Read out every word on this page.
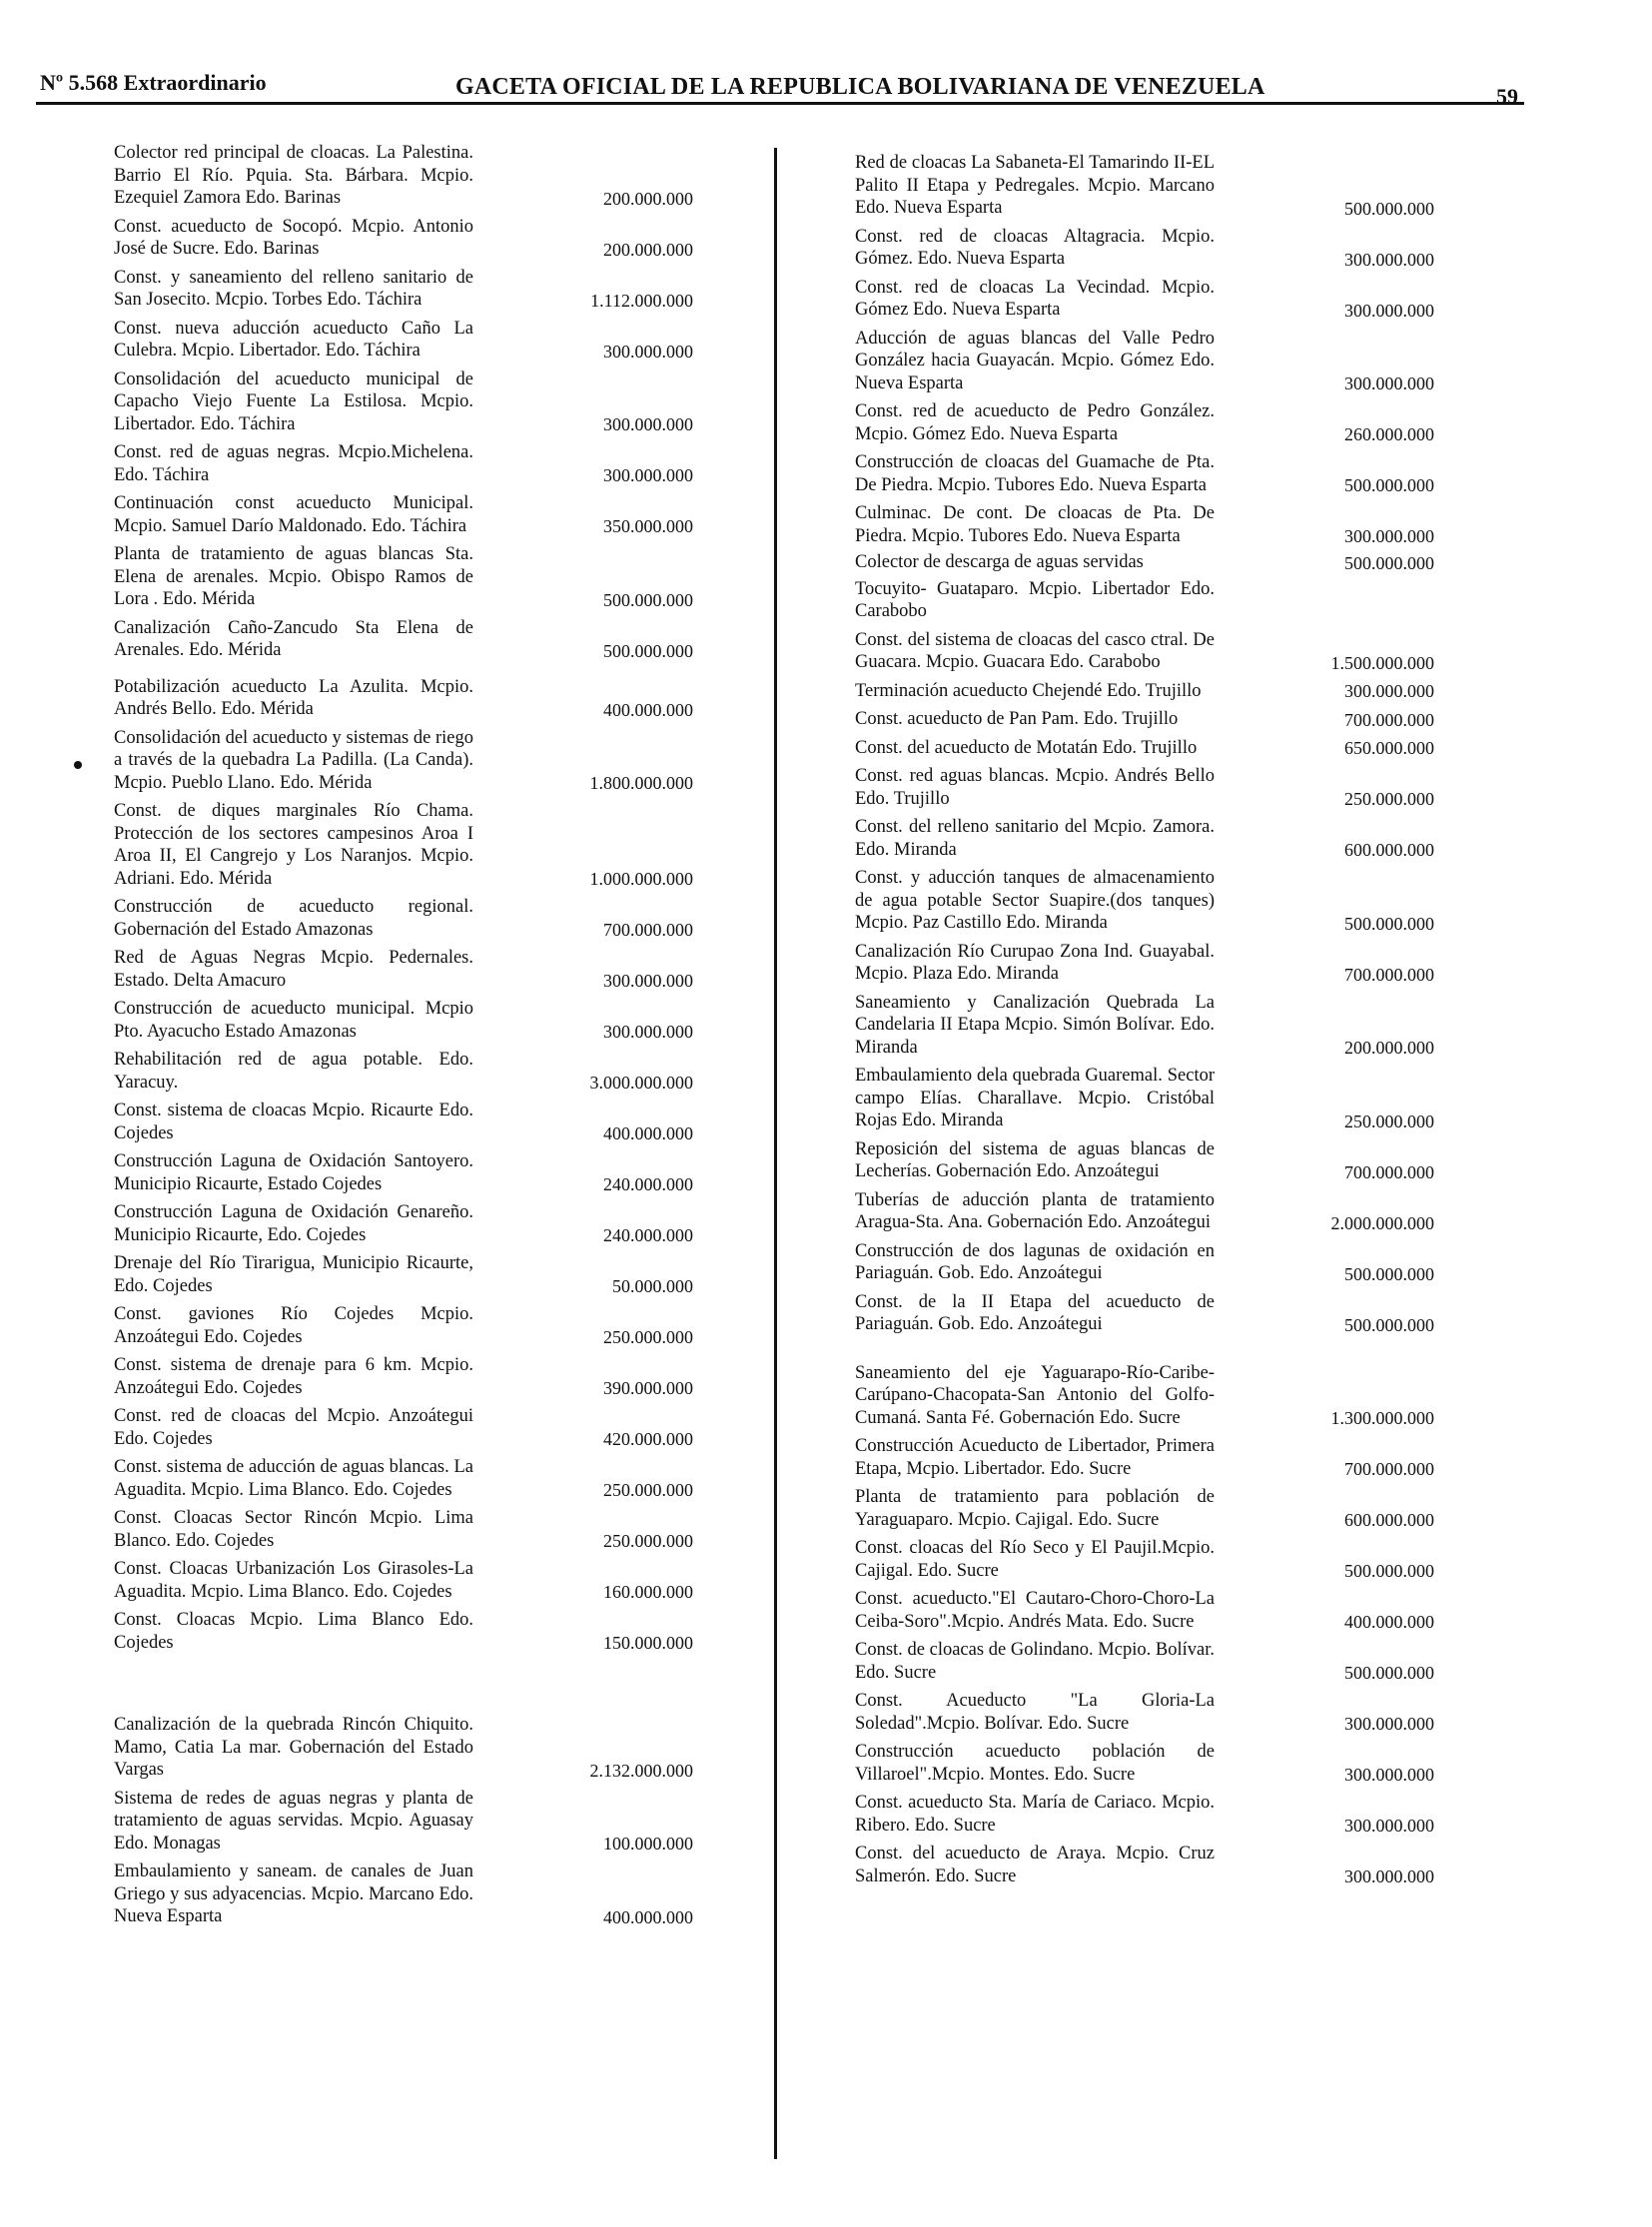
Nº 5.568 Extraordinario	GACETA OFICIAL DE LA REPUBLICA BOLIVARIANA DE VENEZUELA	59
Colector red principal de cloacas. La Palestina. Barrio El Río. Pquia. Sta. Bárbara. Mcpio. Ezequiel Zamora Edo. Barinas	200.000.000
Const. acueducto de Socopó. Mcpio. Antonio José de Sucre. Edo. Barinas	200.000.000
Const. y saneamiento del relleno sanitario de San Josecito. Mcpio. Torbes Edo. Táchira	1.112.000.000
Const. nueva aducción acueducto Caño La Culebra. Mcpio. Libertador. Edo. Táchira	300.000.000
Consolidación del acueducto municipal de Capacho Viejo Fuente La Estilosa. Mcpio. Libertador. Edo. Táchira	300.000.000
Const. red de aguas negras. Mcpio.Michelena. Edo. Táchira	300.000.000
Continuación const acueducto Municipal. Mcpio. Samuel Darío Maldonado. Edo. Táchira	350.000.000
Planta de tratamiento de aguas blancas Sta. Elena de arenales. Mcpio. Obispo Ramos de Lora . Edo. Mérida	500.000.000
Canalización Caño-Zancudo Sta Elena de Arenales. Edo. Mérida	500.000.000
Potabilización acueducto La Azulita. Mcpio. Andrés Bello. Edo. Mérida	400.000.000
Consolidación del acueducto y sistemas de riego a través de la quebadra La Padilla. (La Canda). Mcpio. Pueblo Llano. Edo. Mérida	1.800.000.000
Const. de diques marginales Río Chama. Protección de los sectores campesinos Aroa I Aroa II, El Cangrejo y Los Naranjos. Mcpio. Adriani. Edo. Mérida	1.000.000.000
Construcción de acueducto regional. Gobernación del Estado Amazonas	700.000.000
Red de Aguas Negras Mcpio. Pedernales. Estado. Delta Amacuro	300.000.000
Construcción de acueducto municipal. Mcpio Pto. Ayacucho Estado Amazonas	300.000.000
Rehabilitación red de agua potable. Edo. Yaracuy.	3.000.000.000
Const. sistema de cloacas Mcpio. Ricaurte Edo. Cojedes	400.000.000
Construcción Laguna de Oxidación Santoyero. Municipio Ricaurte, Estado Cojedes	240.000.000
Construcción Laguna de Oxidación Genareño. Municipio Ricaurte, Edo. Cojedes	240.000.000
Drenaje del Río Tirarigua, Municipio Ricaurte, Edo. Cojedes	50.000.000
Const. gaviones Río Cojedes Mcpio. Anzoátegui Edo. Cojedes	250.000.000
Const. sistema de drenaje para 6 km. Mcpio. Anzoátegui Edo. Cojedes	390.000.000
Const. red de cloacas del Mcpio. Anzoátegui Edo. Cojedes	420.000.000
Const. sistema de aducción de aguas blancas. La Aguadita. Mcpio. Lima Blanco. Edo. Cojedes	250.000.000
Const. Cloacas Sector Rincón Mcpio. Lima Blanco. Edo. Cojedes	250.000.000
Const. Cloacas Urbanización Los Girasoles-La Aguadita. Mcpio. Lima Blanco. Edo. Cojedes	160.000.000
Const. Cloacas Mcpio. Lima Blanco Edo. Cojedes	150.000.000
Canalización de la quebrada Rincón Chiquito. Mamo, Catia La mar. Gobernación del Estado Vargas	2.132.000.000
Sistema de redes de aguas negras y planta de tratamiento de aguas servidas. Mcpio. Aguasay Edo. Monagas	100.000.000
Embaulamiento y saneam. de canales de Juan Griego y sus adyacencias. Mcpio. Marcano Edo. Nueva Esparta	400.000.000
Red de cloacas La Sabaneta-El Tamarindo II-EL Palito II Etapa y Pedregales. Mcpio. Marcano Edo. Nueva Esparta	500.000.000
Const. red de cloacas Altagracia. Mcpio. Gómez. Edo. Nueva Esparta	300.000.000
Const. red de cloacas La Vecindad. Mcpio. Gómez Edo. Nueva Esparta	300.000.000
Aducción de aguas blancas del Valle Pedro González hacia Guayacán. Mcpio. Gómez Edo. Nueva Esparta	300.000.000
Const. red de acueducto de Pedro González. Mcpio. Gómez Edo. Nueva Esparta	260.000.000
Construcción de cloacas del Guamache de Pta. De Piedra. Mcpio. Tubores Edo. Nueva Esparta	500.000.000
Culminac. De cont. De cloacas de Pta. De Piedra. Mcpio. Tubores Edo. Nueva Esparta	300.000.000
Colector de descarga de aguas servidas	500.000.000
Tocuyito- Guataparo. Mcpio. Libertador Edo. Carabobo
Const. del sistema de cloacas del casco ctral. De Guacara. Mcpio. Guacara Edo. Carabobo	1.500.000.000
Terminación acueducto Chejendé Edo. Trujillo	300.000.000
Const. acueducto de Pan Pam. Edo. Trujillo	700.000.000
Const. del acueducto de Motatán Edo. Trujillo	650.000.000
Const. red aguas blancas. Mcpio. Andrés Bello Edo. Trujillo	250.000.000
Const. del relleno sanitario del Mcpio. Zamora. Edo. Miranda	600.000.000
Const. y aducción tanques de almacenamiento de agua potable Sector Suapire.(dos tanques) Mcpio. Paz Castillo Edo. Miranda	500.000.000
Canalización Río Curupao Zona Ind. Guayabal. Mcpio. Plaza Edo. Miranda	700.000.000
Saneamiento y Canalización Quebrada La Candelaria II Etapa Mcpio. Simón Bolívar. Edo. Miranda	200.000.000
Embaulamiento dela quebrada Guaremal. Sector campo Elías. Charallave. Mcpio. Cristóbal Rojas Edo. Miranda	250.000.000
Reposición del sistema de aguas blancas de Lecherías. Gobernación Edo. Anzoátegui	700.000.000
Tuberías de aducción planta de tratamiento Aragua-Sta. Ana. Gobernación Edo. Anzoátegui	2.000.000.000
Construcción de dos lagunas de oxidación en Pariaguán. Gob. Edo. Anzoátegui	500.000.000
Const. de la II Etapa del acueducto de Pariaguán. Gob. Edo. Anzoátegui	500.000.000
Saneamiento del eje Yaguarapo-Río-Caribe-Carúpano-Chacopata-San Antonio del Golfo-Cumaná. Santa Fé. Gobernación Edo. Sucre	1.300.000.000
Construcción Acueducto de Libertador, Primera Etapa, Mcpio. Libertador. Edo. Sucre	700.000.000
Planta de tratamiento para población de Yaraguaparo. Mcpio. Cajigal. Edo. Sucre	600.000.000
Const. cloacas del Río Seco y El Paujil.Mcpio. Cajigal. Edo. Sucre	500.000.000
Const. acueducto."El Cautaro-Choro-Choro-La Ceiba-Soro".Mcpio. Andrés Mata. Edo. Sucre	400.000.000
Const. de cloacas de Golindano. Mcpio. Bolívar. Edo. Sucre	500.000.000
Const. Acueducto "La Gloria-La Soledad".Mcpio. Bolívar. Edo. Sucre	300.000.000
Construcción acueducto población de Villaroel".Mcpio. Montes. Edo. Sucre	300.000.000
Const. acueducto Sta. María de Cariaco. Mcpio. Ribero. Edo. Sucre	300.000.000
Const. del acueducto de Araya. Mcpio. Cruz Salmerón. Edo. Sucre	300.000.000
